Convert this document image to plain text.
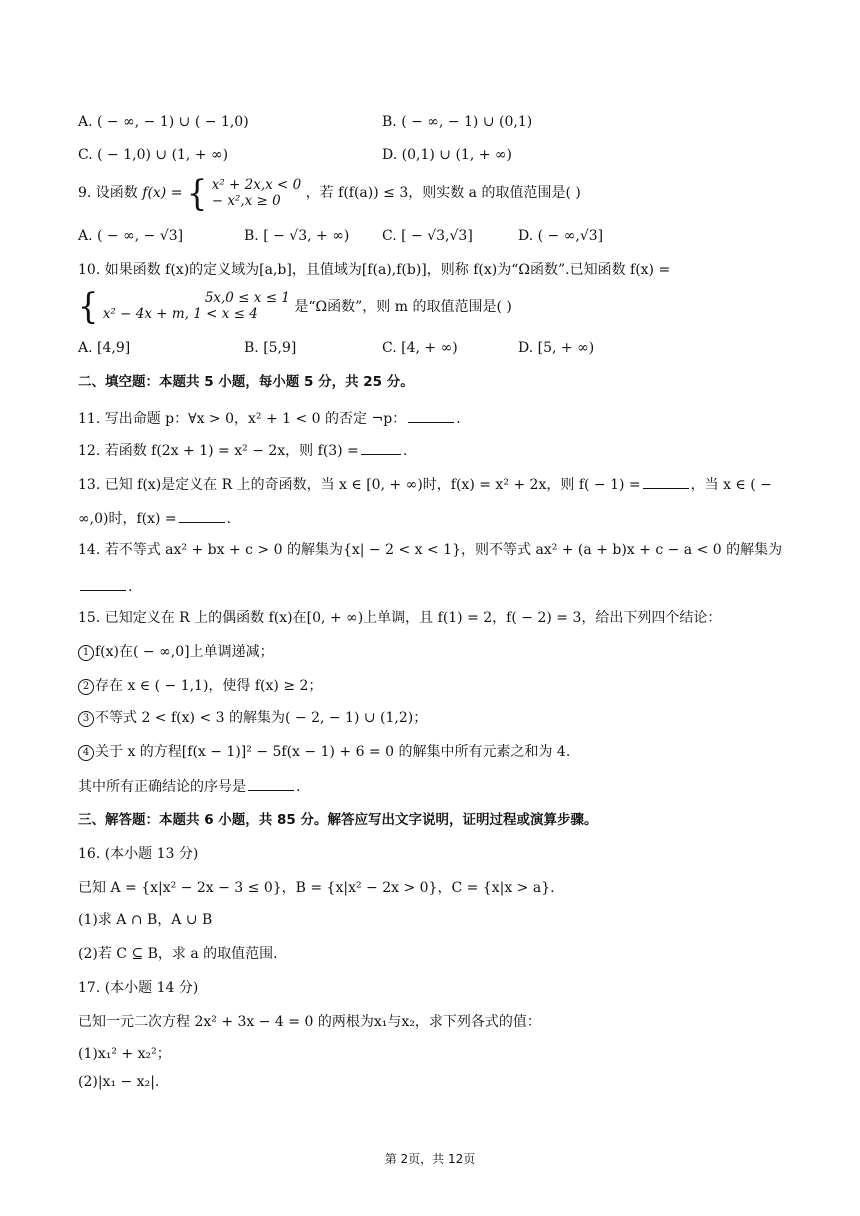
A. ( − ∞, − 1) ∪ ( − 1,0)	B. ( − ∞, − 1) ∪ (0,1)
C. ( − 1,0) ∪ (1, + ∞)	D. (0,1) ∪ (1, + ∞)
9. 设函数 f(x) = { x² + 2x,x < 0
− x²,x ≥ 0	，若 f(f(a)) ≤ 3，则实数 a 的取值范围是( )
A. ( − ∞, − √3]	B. [ − √3, + ∞) C. [ − √3,√3]	D. ( − ∞,√3]
10. 如果函数 f(x)的定义域为[a,b]，且值域为[f(a),f(b)]，则称 f(x)为“Ω函数”.已知函数 f(x) =
{	5x,0 ≤ x ≤ 1
x² − 4x + m, 1 < x ≤ 4	是“Ω函数”，则 m 的取值范围是( )
A. [4,9]	B. [5,9]	C. [4, + ∞)	D. [5, + ∞)
二、填空题：本题共 5 小题，每小题 5 分，共 25 分。
11. 写出命题 p：∀x > 0，x² + 1 < 0 的否定 ¬p：	.
12. 若函数 f(2x + 1) = x² − 2x，则 f(3) =	.
13. 已知 f(x)是定义在 R 上的奇函数，当 x ∈ [0, + ∞)时，f(x) = x² + 2x，则 f( − 1) =	，当 x ∈ ( −
∞,0)时，f(x) =	.
14. 若不等式 ax² + bx + c > 0 的解集为{x| − 2 < x < 1}，则不等式 ax² + (a + b)x + c − a < 0 的解集为
.
15. 已知定义在 R 上的偶函数 f(x)在[0, + ∞)上单调，且 f(1) = 2，f( − 2) = 3，给出下列四个结论：
1 f(x)在( − ∞,0]上单调递减；
2 存在 x ∈ ( − 1,1)，使得 f(x) ≥ 2；
3 不等式 2 < f(x) < 3 的解集为( − 2, − 1) ∪ (1,2)；
4 关于 x 的方程[f(x − 1)]² − 5f(x − 1) + 6 = 0 的解集中所有元素之和为 4.
其中所有正确结论的序号是	.
三、解答题：本题共 6 小题，共 85 分。解答应写出文字说明，证明过程或演算步骤。
16. (本小题 13 分)
已知 A = {x|x² − 2x − 3 ≤ 0}，B = {x|x² − 2x > 0}，C = {x|x > a}.
(1)求 A ∩ B，A ∪ B
(2)若 C ⊆ B，求 a 的取值范围.
17. (本小题 14 分)
已知一元二次方程 2x² + 3x − 4 = 0 的两根为x₁与x₂，求下列各式的值：
(1)x₁² + x₂²；
(2)|x₁ − x₂|.
第 2页，共 12页
